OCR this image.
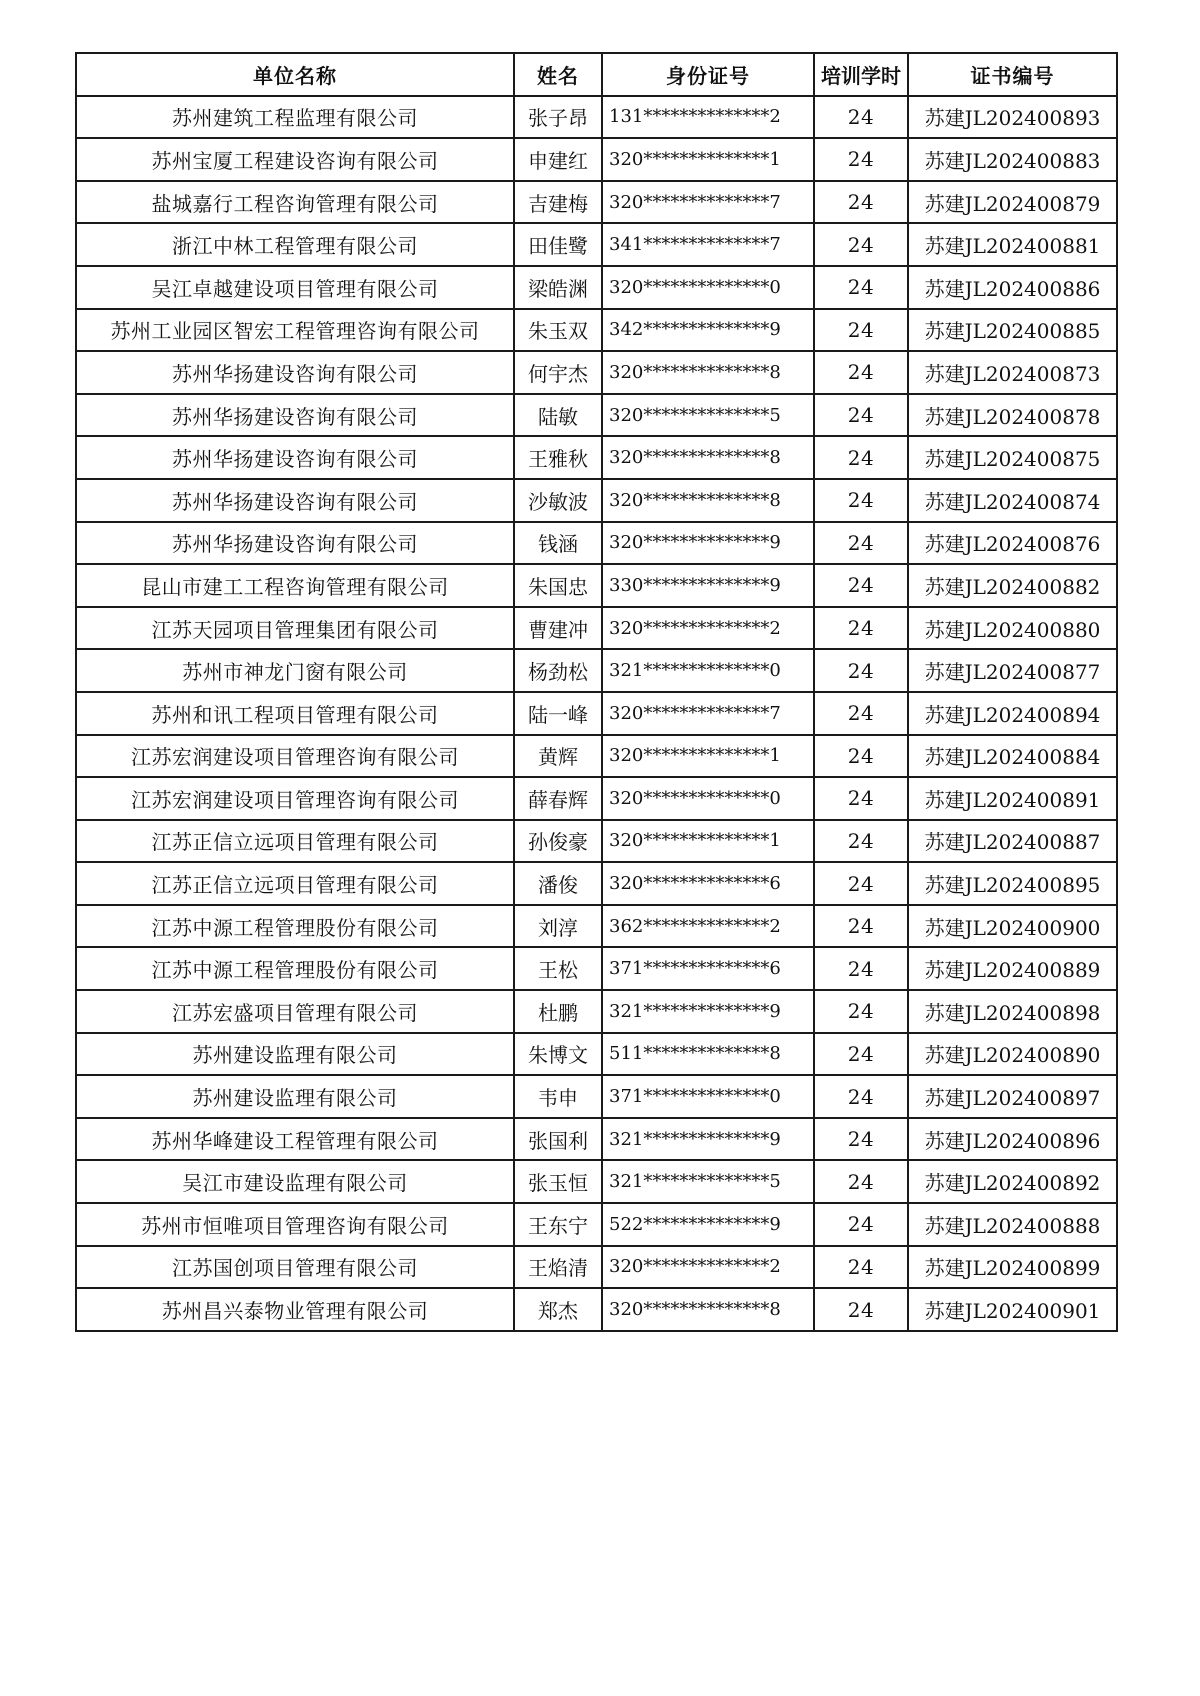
单位名称	姓名	身份证号	培训学时	证书编号
苏州建筑工程监理有限公司	张子昂	131**************2	24	苏建JL202400893
苏州宝厦工程建设咨询有限公司	申建红	320**************1	24	苏建JL202400883
盐城嘉行工程咨询管理有限公司	吉建梅	320**************7	24	苏建JL202400879
浙江中林工程管理有限公司	田佳鹭	341**************7	24	苏建JL202400881
吴江卓越建设项目管理有限公司	梁皓渊	320**************0	24	苏建JL202400886
苏州工业园区智宏工程管理咨询有限公司	朱玉双	342**************9	24	苏建JL202400885
苏州华扬建设咨询有限公司	何宇杰	320**************8	24	苏建JL202400873
苏州华扬建设咨询有限公司	陆敏	320**************5	24	苏建JL202400878
苏州华扬建设咨询有限公司	王雅秋	320**************8	24	苏建JL202400875
苏州华扬建设咨询有限公司	沙敏波	320**************8	24	苏建JL202400874
苏州华扬建设咨询有限公司	钱涵	320**************9	24	苏建JL202400876
昆山市建工工程咨询管理有限公司	朱国忠	330**************9	24	苏建JL202400882
江苏天园项目管理集团有限公司	曹建冲	320**************2	24	苏建JL202400880
苏州市神龙门窗有限公司	杨劲松	321**************0	24	苏建JL202400877
苏州和讯工程项目管理有限公司	陆一峰	320**************7	24	苏建JL202400894
江苏宏润建设项目管理咨询有限公司	黄辉	320**************1	24	苏建JL202400884
江苏宏润建设项目管理咨询有限公司	薛春辉	320**************0	24	苏建JL202400891
江苏正信立远项目管理有限公司	孙俊豪	320**************1	24	苏建JL202400887
江苏正信立远项目管理有限公司	潘俊	320**************6	24	苏建JL202400895
江苏中源工程管理股份有限公司	刘淳	362**************2	24	苏建JL202400900
江苏中源工程管理股份有限公司	王松	371**************6	24	苏建JL202400889
江苏宏盛项目管理有限公司	杜鹏	321**************9	24	苏建JL202400898
苏州建设监理有限公司	朱博文	511**************8	24	苏建JL202400890
苏州建设监理有限公司	韦申	371**************0	24	苏建JL202400897
苏州华峰建设工程管理有限公司	张国利	321**************9	24	苏建JL202400896
吴江市建设监理有限公司	张玉恒	321**************5	24	苏建JL202400892
苏州市恒唯项目管理咨询有限公司	王东宁	522**************9	24	苏建JL202400888
江苏国创项目管理有限公司	王焰清	320**************2	24	苏建JL202400899
苏州昌兴泰物业管理有限公司	郑杰	320**************8	24	苏建JL202400901
